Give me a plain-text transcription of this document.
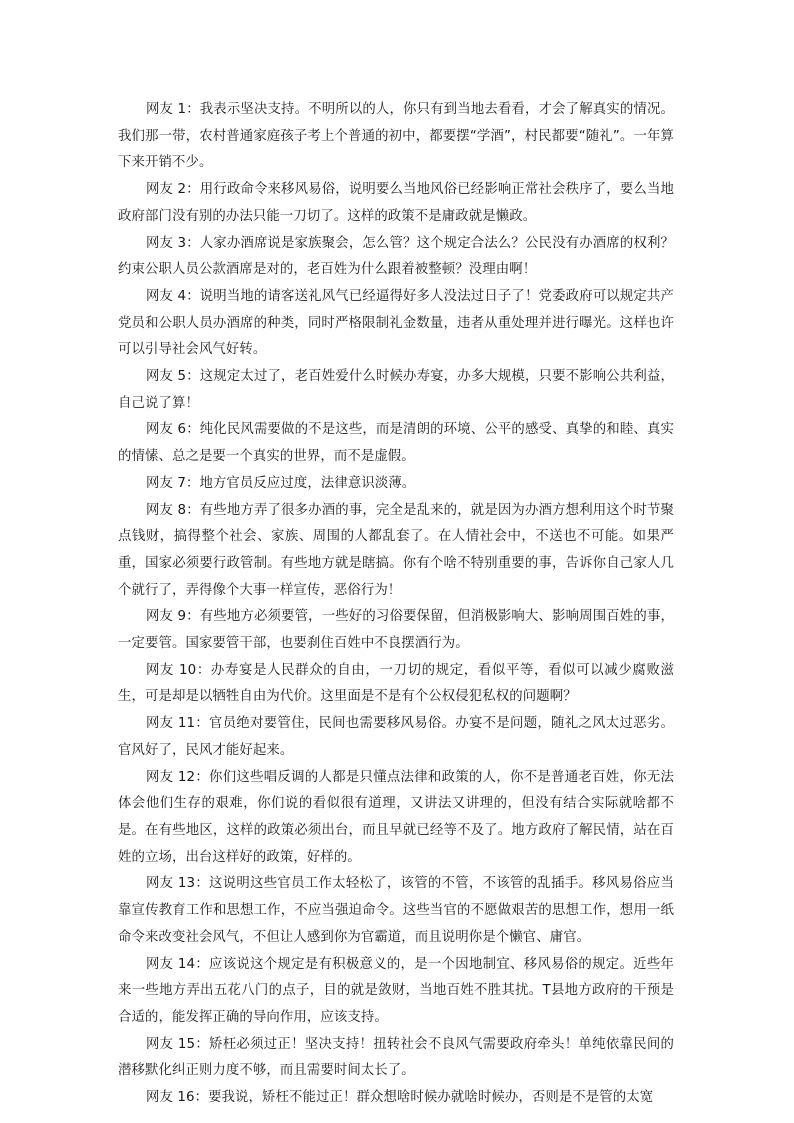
网友 1：我表示坚决支持。不明所以的人，你只有到当地去看看，才会了解真实的情况。我们那一带，农村普通家庭孩子考上个普通的初中，都要摆“学酒”，村民都要“随礼”。一年算下来开销不少。

网友 2：用行政命令来移风易俗，说明要么当地风俗已经影响正常社会秩序了，要么当地政府部门没有别的办法只能一刀切了。这样的政策不是庸政就是懒政。

网友 3：人家办酒席说是家族聚会，怎么管？这个规定合法么？公民没有办酒席的权利？约束公职人员公款酒席是对的，老百姓为什么跟着被整顿？没理由啊！

网友 4：说明当地的请客送礼风气已经逼得好多人没法过日子了！党委政府可以规定共产党员和公职人员办酒席的种类，同时严格限制礼金数量，违者从重处理并进行曝光。这样也许可以引导社会风气好转。

网友 5：这规定太过了，老百姓爱什么时候办寿宴，办多大规模，只要不影响公共利益，自己说了算！

网友 6：纯化民风需要做的不是这些，而是清朗的环境、公平的感受、真挚的和睦、真实的情愫、总之是要一个真实的世界，而不是虚假。

网友 7：地方官员反应过度，法律意识淡薄。

网友 8：有些地方弄了很多办酒的事，完全是乱来的，就是因为办酒方想利用这个时节聚点钱财，搞得整个社会、家族、周围的人都乱套了。在人情社会中，不送也不可能。如果严重，国家必须要行政管制。有些地方就是瞎搞。你有个啥不特别重要的事，告诉你自己家人几个就行了，弄得像个大事一样宣传，恶俗行为！

网友 9：有些地方必须要管，一些好的习俗要保留，但消极影响大、影响周围百姓的事，一定要管。国家要管干部，也要刹住百姓中不良摆酒行为。

网友 10：办寿宴是人民群众的自由，一刀切的规定，看似平等，看似可以减少腐败滋生，可是却是以牺牲自由为代价。这里面是不是有个公权侵犯私权的问题啊？

网友 11：官员绝对要管住，民间也需要移风易俗。办宴不是问题，随礼之风太过恶劣。官风好了，民风才能好起来。

网友 12：你们这些唱反调的人都是只懂点法律和政策的人，你不是普通老百姓，你无法体会他们生存的艰难，你们说的看似很有道理，又讲法又讲理的，但没有结合实际就啥都不是。在有些地区，这样的政策必须出台，而且早就已经等不及了。地方政府了解民情，站在百姓的立场，出台这样好的政策，好样的。

网友 13：这说明这些官员工作太轻松了，该管的不管，不该管的乱插手。移风易俗应当靠宣传教育工作和思想工作，不应当强迫命令。这些当官的不愿做艰苦的思想工作，想用一纸命令来改变社会风气，不但让人感到你为官霸道，而且说明你是个懒官、庸官。

网友 14：应该说这个规定是有积极意义的，是一个因地制宜、移风易俗的规定。近些年来一些地方弄出五花八门的点子，目的就是敛财，当地百姓不胜其扰。T县地方政府的干预是合适的，能发挥正确的导向作用，应该支持。

网友 15：矫枉必须过正！坚决支持！扭转社会不良风气需要政府牵头！单纯依靠民间的潜移默化纠正则力度不够，而且需要时间太长了。

网友 16：要我说，矫枉不能过正！群众想啥时候办就啥时候办，否则是不是管的太宽
